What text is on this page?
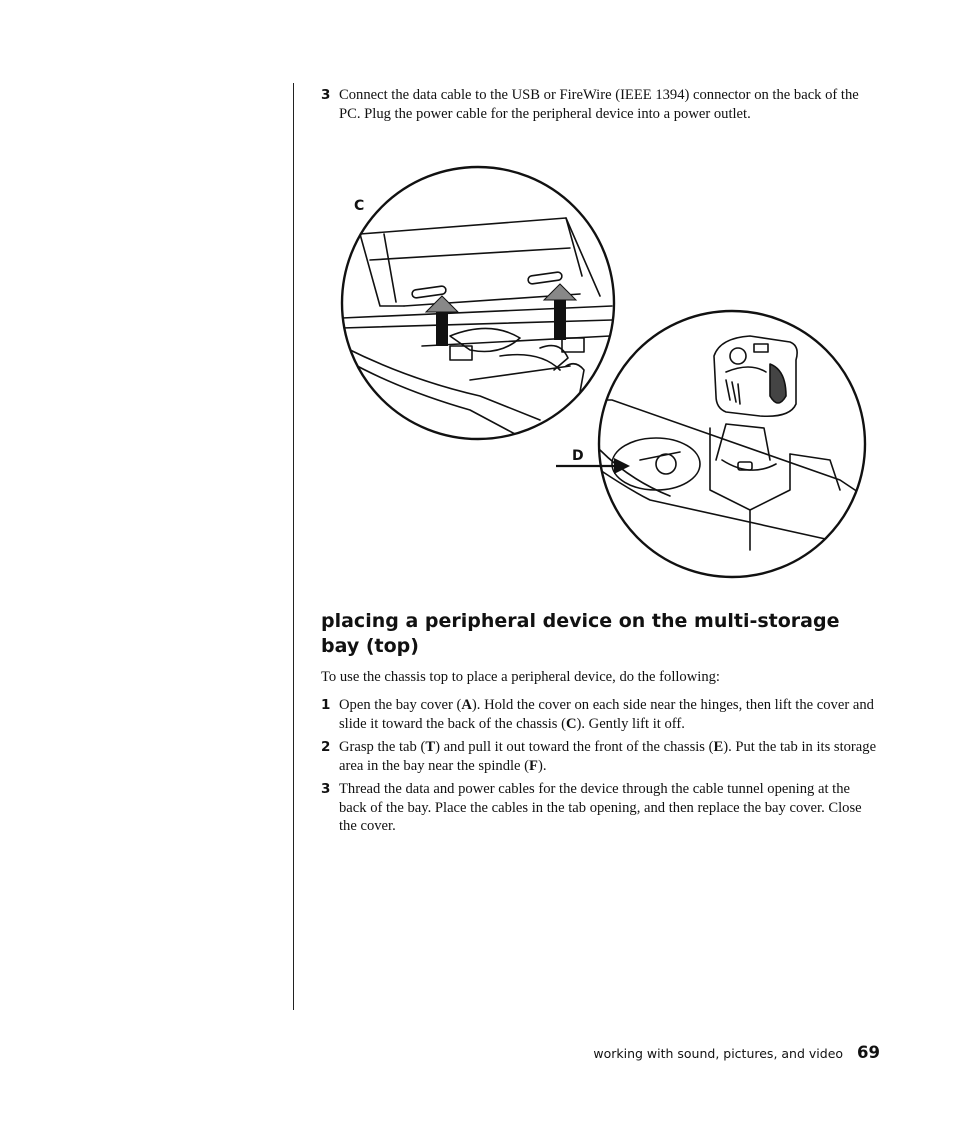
3 Connect the data cable to the USB or FireWire (IEEE 1394) connector on the back of the PC. Plug the power cable for the peripheral device into a power outlet.
C
D
placing a peripheral device on the multi-storage bay (top)
To use the chassis top to place a peripheral device, do the following:
1 Open the bay cover (A). Hold the cover on each side near the hinges, then lift the cover and slide it toward the back of the chassis (C). Gently lift it off.
2 Grasp the tab (T) and pull it out toward the front of the chassis (E). Put the tab in its storage area in the bay near the spindle (F).
3 Thread the data and power cables for the device through the cable tunnel opening at the back of the bay. Place the cables in the tab opening, and then replace the bay cover. Close the cover.
working with sound, pictures, and video 69
